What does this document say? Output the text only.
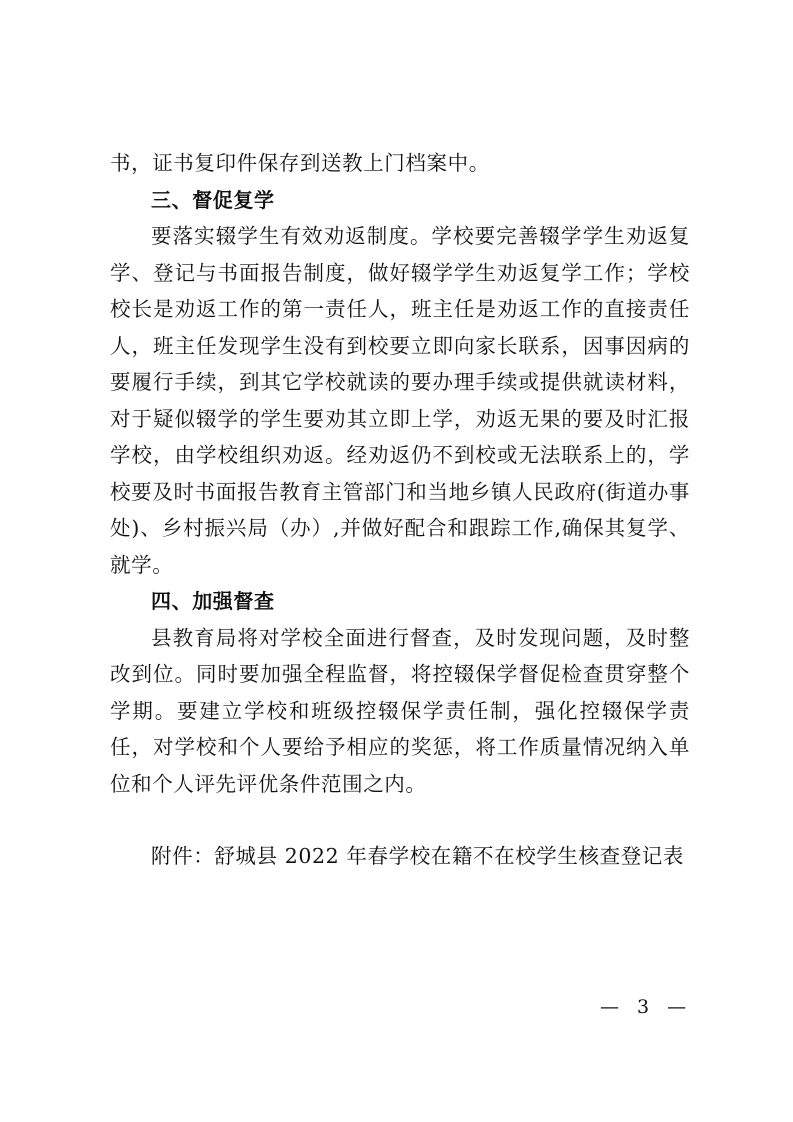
书，证书复印件保存到送教上门档案中。

三、督促复学

要落实辍学生有效劝返制度。学校要完善辍学学生劝返复学、登记与书面报告制度，做好辍学学生劝返复学工作；学校校长是劝返工作的第一责任人，班主任是劝返工作的直接责任人，班主任发现学生没有到校要立即向家长联系，因事因病的要履行手续，到其它学校就读的要办理手续或提供就读材料，对于疑似辍学的学生要劝其立即上学，劝返无果的要及时汇报学校，由学校组织劝返。经劝返仍不到校或无法联系上的，学校要及时书面报告教育主管部门和当地乡镇人民政府(街道办事处)、乡村振兴局（办）,并做好配合和跟踪工作,确保其复学、就学。

四、加强督查

县教育局将对学校全面进行督查，及时发现问题，及时整改到位。同时要加强全程监督，将控辍保学督促检查贯穿整个学期。要建立学校和班级控辍保学责任制，强化控辍保学责任，对学校和个人要给予相应的奖惩，将工作质量情况纳入单位和个人评先评优条件范围之内。

附件：舒城县 2022 年春学校在籍不在校学生核查登记表

— 3 —
